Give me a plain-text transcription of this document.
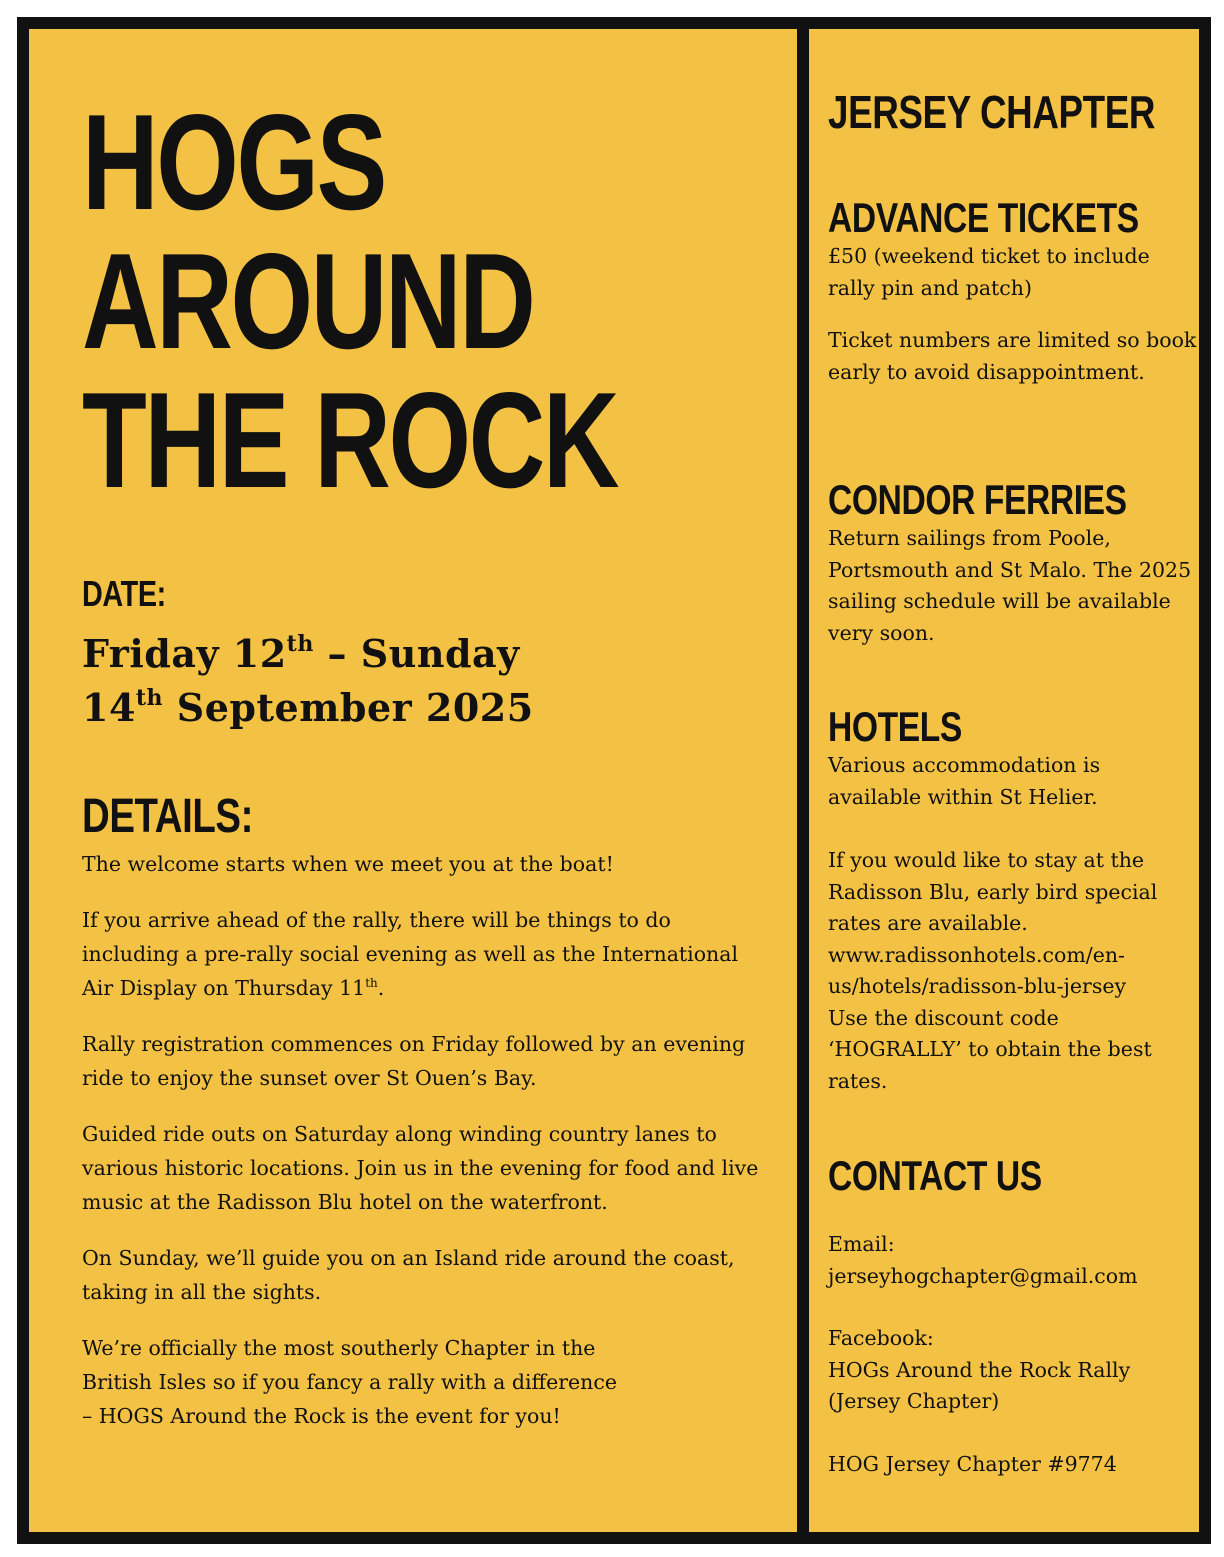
HOGS
AROUND
THE ROCK
DATE:
Friday 12th – Sunday
14th September 2025
DETAILS:

The welcome starts when we meet you at the boat!

If you arrive ahead of the rally, there will be things to do including a pre-rally social evening as well as the International Air Display on Thursday 11th.

Rally registration commences on Friday followed by an evening ride to enjoy the sunset over St Ouen’s Bay.

Guided ride outs on Saturday along winding country lanes to various historic locations. Join us in the evening for food and live music at the Radisson Blu hotel on the waterfront.

On Sunday, we’ll guide you on an Island ride around the coast, taking in all the sights.

We’re officially the most southerly Chapter in the
British Isles so if you fancy a rally with a difference
– HOGS Around the Rock is the event for you!

JERSEY CHAPTER
ADVANCE TICKETS

£50 (weekend ticket to include rally pin and patch)

Ticket numbers are limited so book early to avoid disappointment.

CONDOR FERRIES

Return sailings from Poole, Portsmouth and St Malo. The 2025 sailing schedule will be available very soon.

HOTELS

Various accommodation is available within St Helier.

If you would like to stay at the Radisson Blu, early bird special rates are available.
www.radissonhotels.com/en-
us/hotels/radisson-blu-jersey
Use the discount code ‘HOGRALLY’ to obtain the best rates.

CONTACT US

Email:
jerseyhogchapter@gmail.com

Facebook:
HOGs Around the Rock Rally
(Jersey Chapter)

HOG Jersey Chapter #9774
